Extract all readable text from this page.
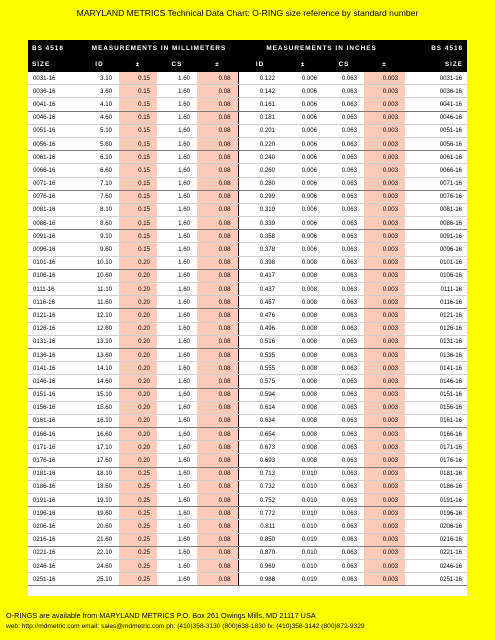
MARYLAND METRICS Technical Data Chart: O-RING size reference by standard number
BS 4518	MEASUREMENTS IN MILLIMETERS				MEASUREMENTS IN INCHES				BS 4518
SIZE	ID	±	CS	±	ID	±	CS	±	SIZE
0031-16	3.10	0.15	1.60	0.08	0.122	0.006	0.063	0.003	0031-16
0036-16	3.60	0.15	1.60	0.08	0.142	0.006	0.063	0.003	0036-16
0041-16	4.10	0.15	1.60	0.08	0.161	0.006	0.063	0.003	0041-16
0046-16	4.60	0.15	1.60	0.08	0.181	0.006	0.063	0.003	0046-16
0051-16	5.10	0.15	1.60	0.08	0.201	0.006	0.063	0.003	0051-16
0056-16	5.60	0.15	1.60	0.08	0.220	0.006	0.063	0.003	0056-16
0061-16	6.10	0.15	1.60	0.08	0.240	0.006	0.063	0.003	0061-16
0066-16	6.60	0.15	1.60	0.08	0.260	0.006	0.063	0.003	0066-16
0071-16	7.10	0.15	1.60	0.08	0.280	0.006	0.063	0.003	0071-16
0076-16	7.60	0.15	1.60	0.08	0.299	0.006	0.063	0.003	0076-16
0081-16	8.10	0.15	1.60	0.08	0.319	0.006	0.063	0.003	0081-16
0086-16	8.60	0.15	1.60	0.08	0.339	0.006	0.063	0.003	0086-16
0091-16	9.10	0.15	1.60	0.08	0.358	0.006	0.063	0.003	0091-16
0096-16	9.60	0.15	1.60	0.08	0.378	0.006	0.063	0.003	0096-16
0101-16	10.10	0.20	1.60	0.08	0.398	0.008	0.063	0.003	0101-16
0106-16	10.60	0.20	1.60	0.08	0.417	0.008	0.063	0.003	0106-16
0111-16	11.10	0.20	1.60	0.08	0.437	0.008	0.063	0.003	0111-16
0116-16	11.60	0.20	1.60	0.08	0.457	0.008	0.063	0.003	0116-16
0121-16	12.10	0.20	1.60	0.08	0.476	0.008	0.063	0.003	0121-16
0126-16	12.60	0.20	1.60	0.08	0.496	0.008	0.063	0.003	0126-16
0131-16	13.10	0.20	1.60	0.08	0.516	0.008	0.063	0.003	0131-16
0136-16	13.60	0.20	1.60	0.08	0.535	0.008	0.063	0.003	0136-16
0141-16	14.10	0.20	1.60	0.08	0.555	0.008	0.063	0.003	0141-16
0146-16	14.60	0.20	1.60	0.08	0.575	0.008	0.063	0.003	0146-16
0151-16	15.10	0.20	1.60	0.08	0.594	0.008	0.063	0.003	0151-16
0156-16	15.60	0.20	1.60	0.08	0.614	0.008	0.063	0.003	0156-16
0161-16	16.10	0.20	1.60	0.08	0.634	0.008	0.063	0.003	0161-16
0166-16	16.60	0.20	1.60	0.08	0.654	0.008	0.063	0.003	0166-16
0171-16	17.10	0.20	1.60	0.08	0.673	0.008	0.063	0.003	0171-16
0176-16	17.60	0.20	1.60	0.08	0.693	0.008	0.063	0.003	0176-16
0181-16	18.10	0.25	1.60	0.08	0.713	0.010	0.063	0.003	0181-16
0186-16	18.60	0.25	1.60	0.08	0.732	0.010	0.063	0.003	0186-16
0191-16	19.10	0.25	1.60	0.08	0.752	0.010	0.063	0.003	0191-16
0196-16	19.60	0.25	1.60	0.08	0.772	0.010	0.063	0.003	0196-16
0206-16	20.60	0.25	1.60	0.08	0.811	0.010	0.063	0.003	0206-16
0216-16	21.60	0.25	1.60	0.08	0.850	0.010	0.063	0.003	0216-16
0221-16	22.10	0.25	1.60	0.08	0.870	0.010	0.063	0.003	0221-16
0246-16	24.60	0.25	1.60	0.08	0.969	0.010	0.063	0.003	0246-16
0251-16	25.10	0.25	1.60	0.08	0.988	0.010	0.063	0.003	0251-16
O-RINGS are available from MARYLAND METRICS P.O. Box 261 Owings Mills, MD 21117 USA
web: http://mdmetric.com email: sales@mdmetric.com ph: (410)358-3130 (800)638-1830 fx: (410)358-3142 (800)872-9329
